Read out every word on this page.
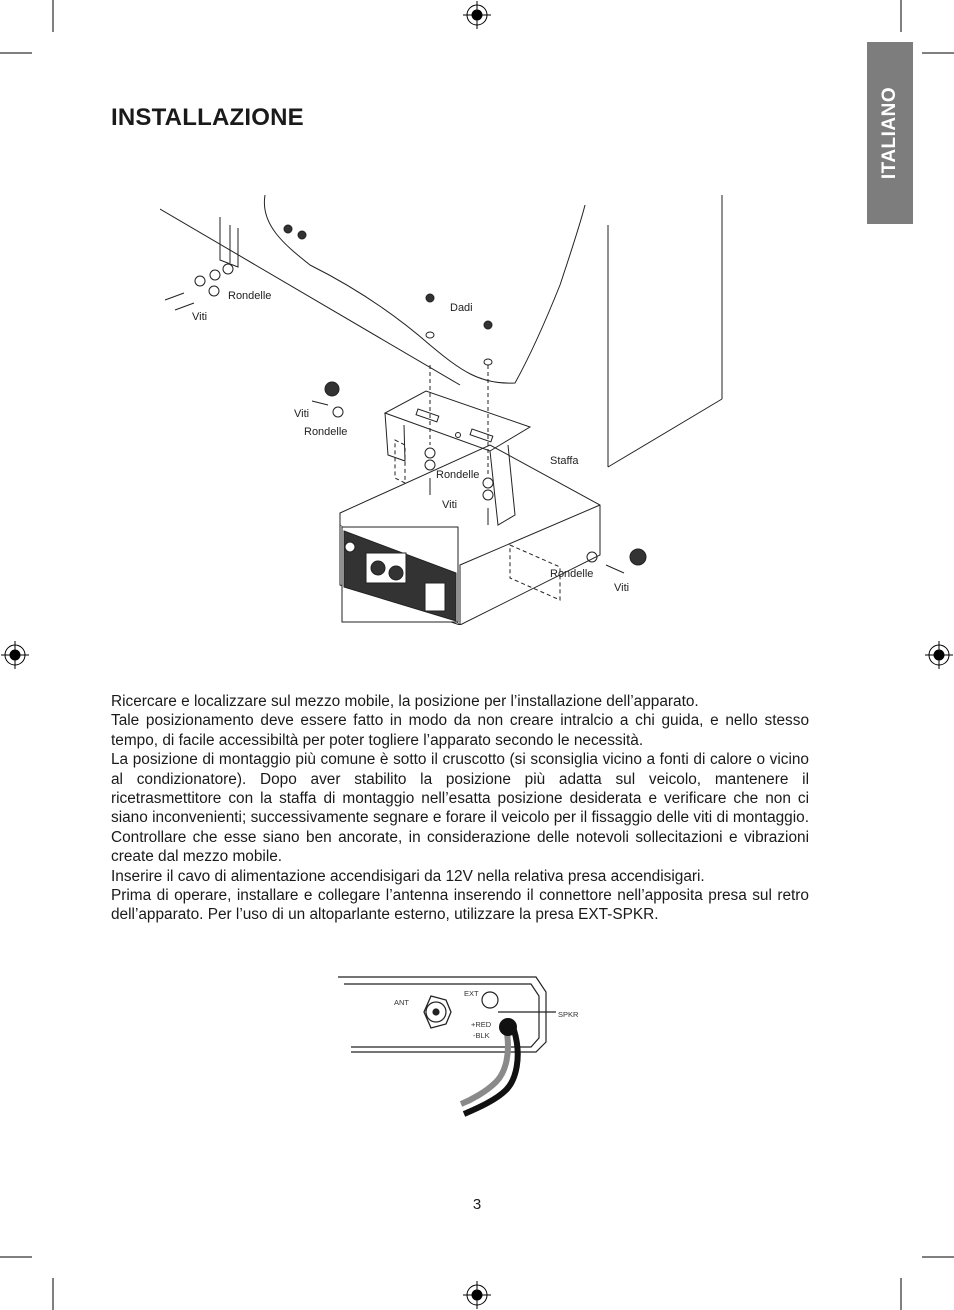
ITALIANO
INSTALLAZIONE
Rondelle
Viti
Dadi
Viti
Rondelle
Staffa
Rondelle
Viti
Rondelle
Viti

Ricercare e localizzare sul mezzo mobile, la posizione per l’installazione dell’apparato.

Tale posizionamento deve essere fatto in modo da non creare intralcio a chi guida, e nello stesso tempo, di facile accessibiltà per poter togliere l’apparato secondo le necessità.

La posizione di montaggio più comune è sotto il cruscotto (si sconsiglia vicino a fonti di calore o vicino al condizionatore). Dopo aver stabilito la posizione più adatta sul veicolo, mantenere il ricetrasmettitore con la staffa di montaggio nell’esatta posizione desiderata e verificare che non ci siano inconvenienti; successivamente segnare e forare il veicolo per il fissaggio delle viti di montaggio. Controllare che esse siano ben ancorate, in considerazione delle notevoli sollecitazioni e vibrazioni create dal mezzo mobile.

Inserire il cavo di alimentazione accendisigari da 12V nella relativa presa accendisigari.

Prima di operare, installare e collegare l’antenna inserendo il connettore nell’apposita presa sul retro dell’apparato. Per l’uso di un altoparlante esterno, utilizzare la presa EXT-SPKR.

ANT
EXT
SPKR
+RED
-BLK
3
